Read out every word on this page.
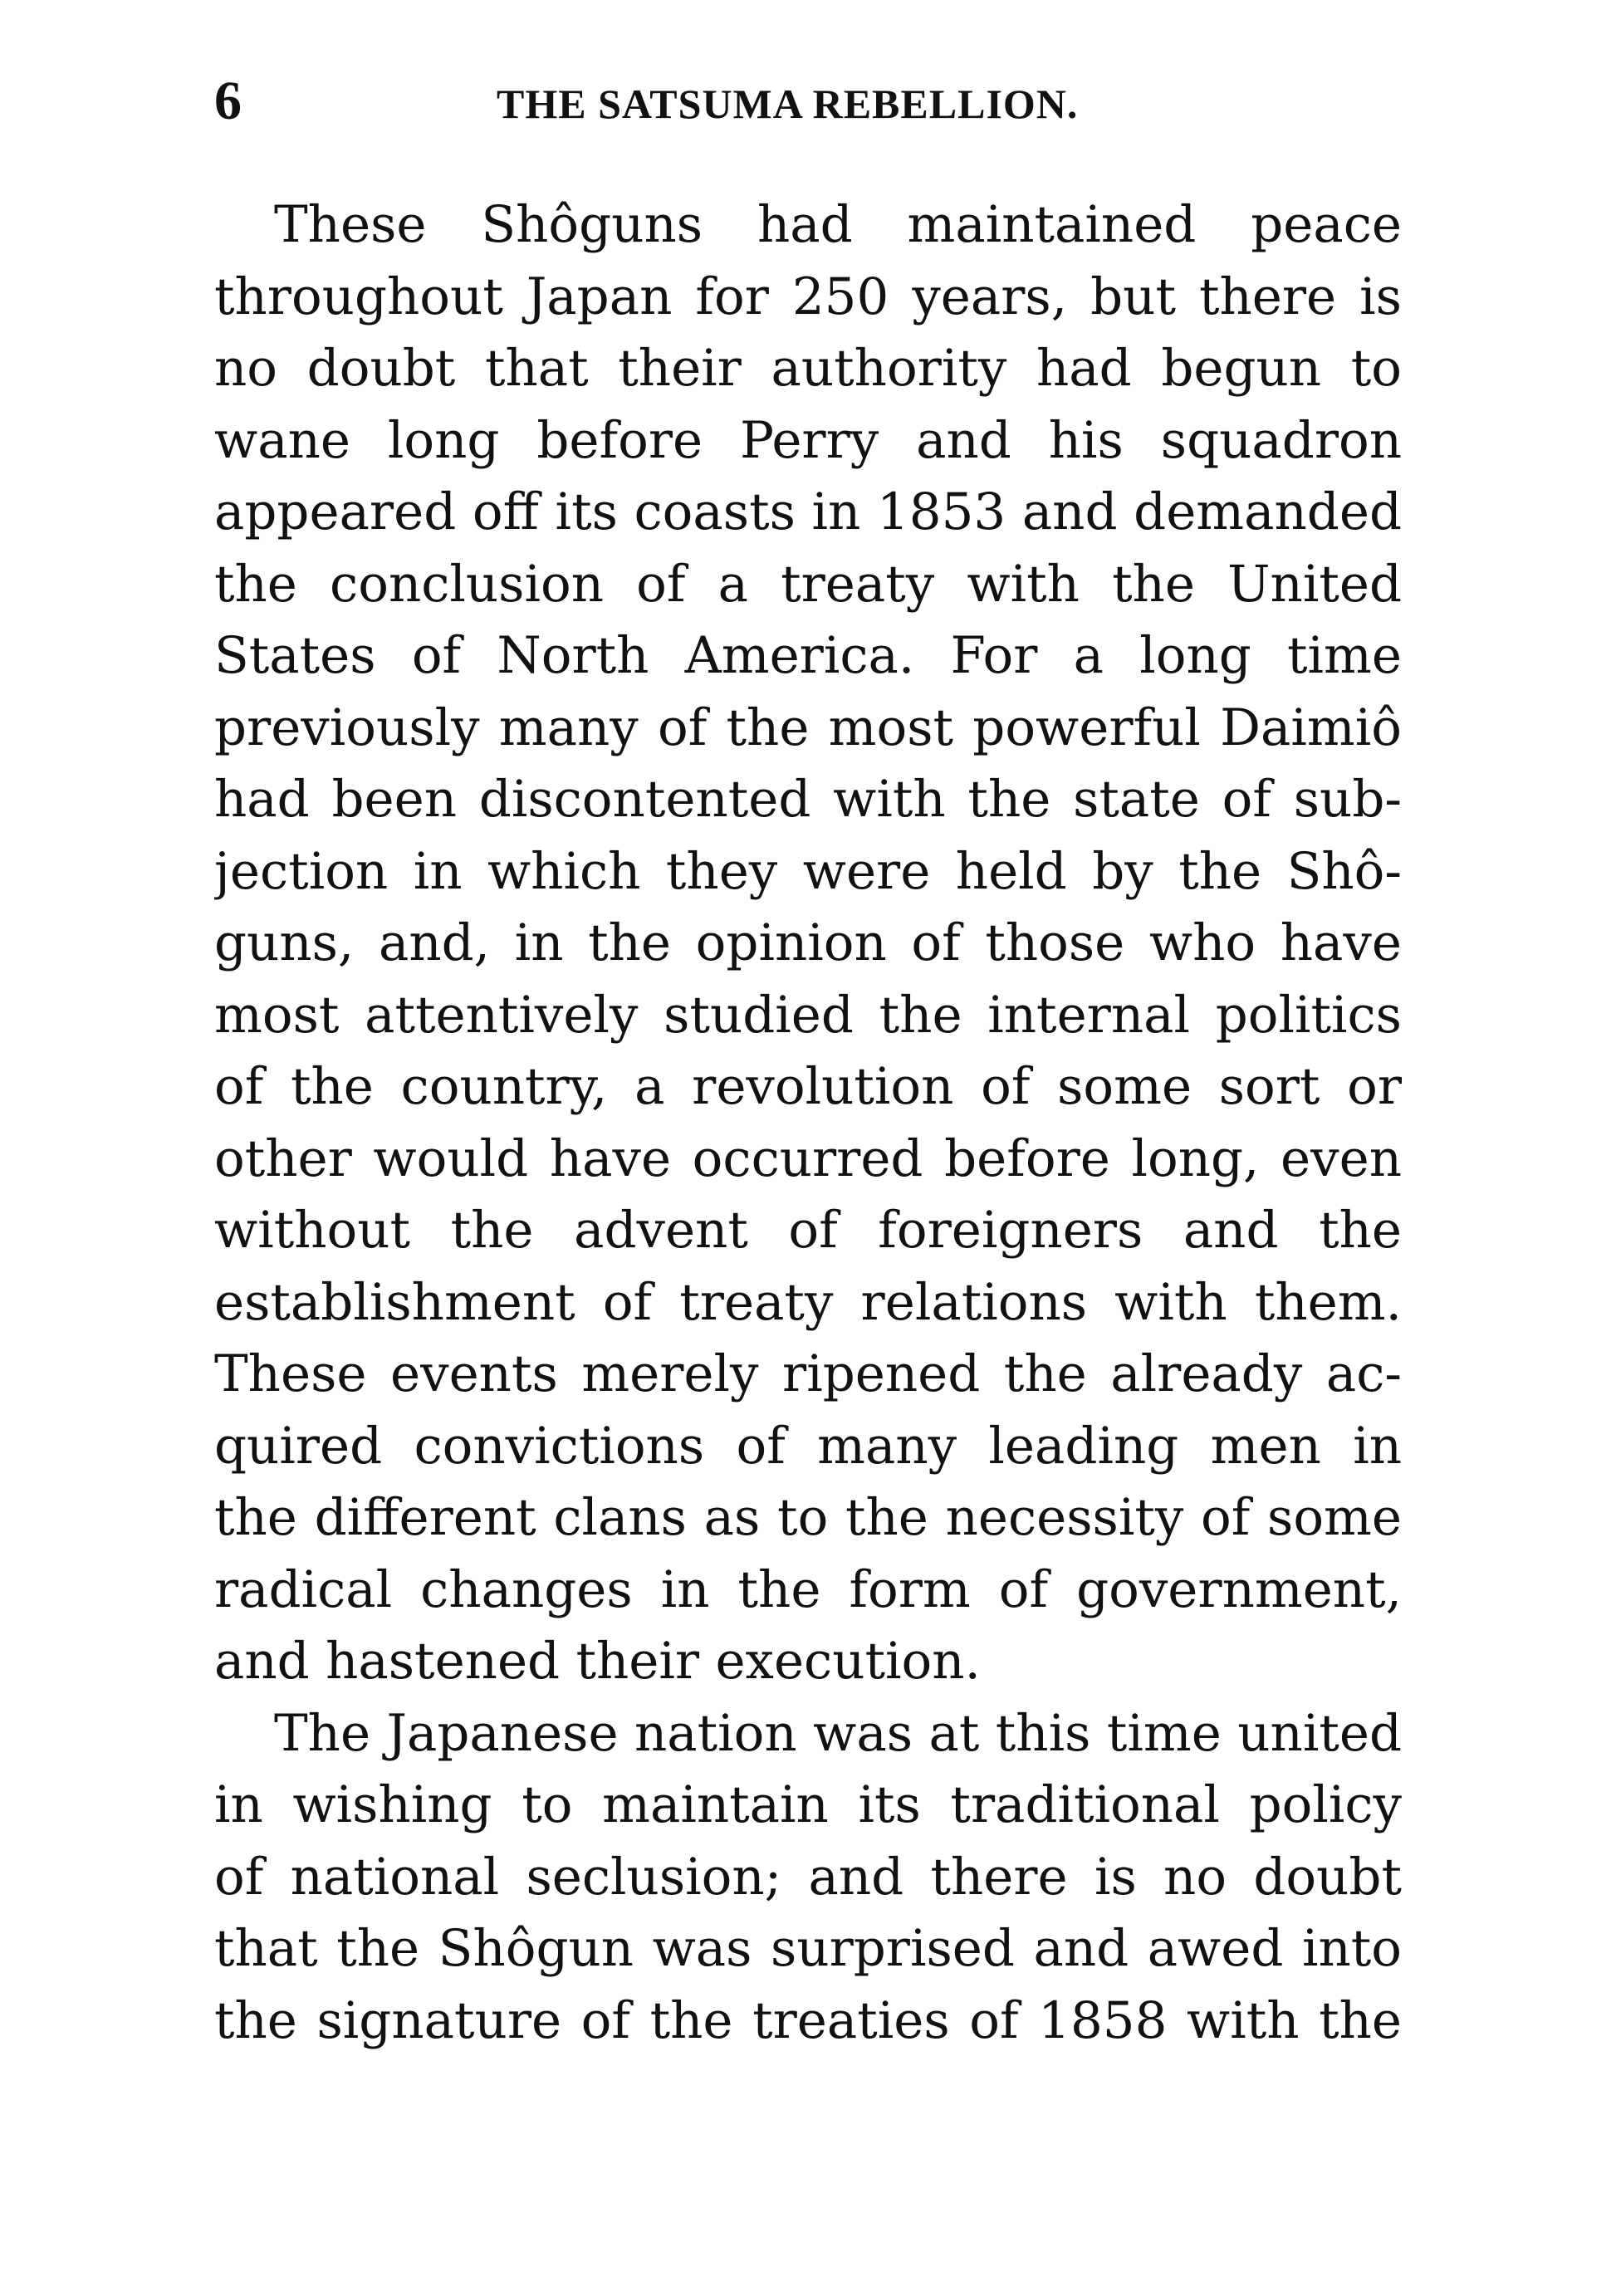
6	THE SATSUMA REBELLION.
These Shôguns had maintained peace
throughout Japan for 250 years, but there is
no doubt that their authority had begun to
wane long before Perry and his squadron
appeared off its coasts in 1853 and demanded
the conclusion of a treaty with the United
States of North America. For a long time
previously many of the most powerful Daimiô
had been discontented with the state of sub-
jection in which they were held by the Shô-
guns, and, in the opinion of those who have
most attentively studied the internal politics
of the country, a revolution of some sort or
other would have occurred before long, even
without the advent of foreigners and the
establishment of treaty relations with them.
These events merely ripened the already ac-
quired convictions of many leading men in
the different clans as to the necessity of some
radical changes in the form of government,
and hastened their execution.
The Japanese nation was at this time united
in wishing to maintain its traditional policy
of national seclusion; and there is no doubt
that the Shôgun was surprised and awed into
the signature of the treaties of 1858 with the
